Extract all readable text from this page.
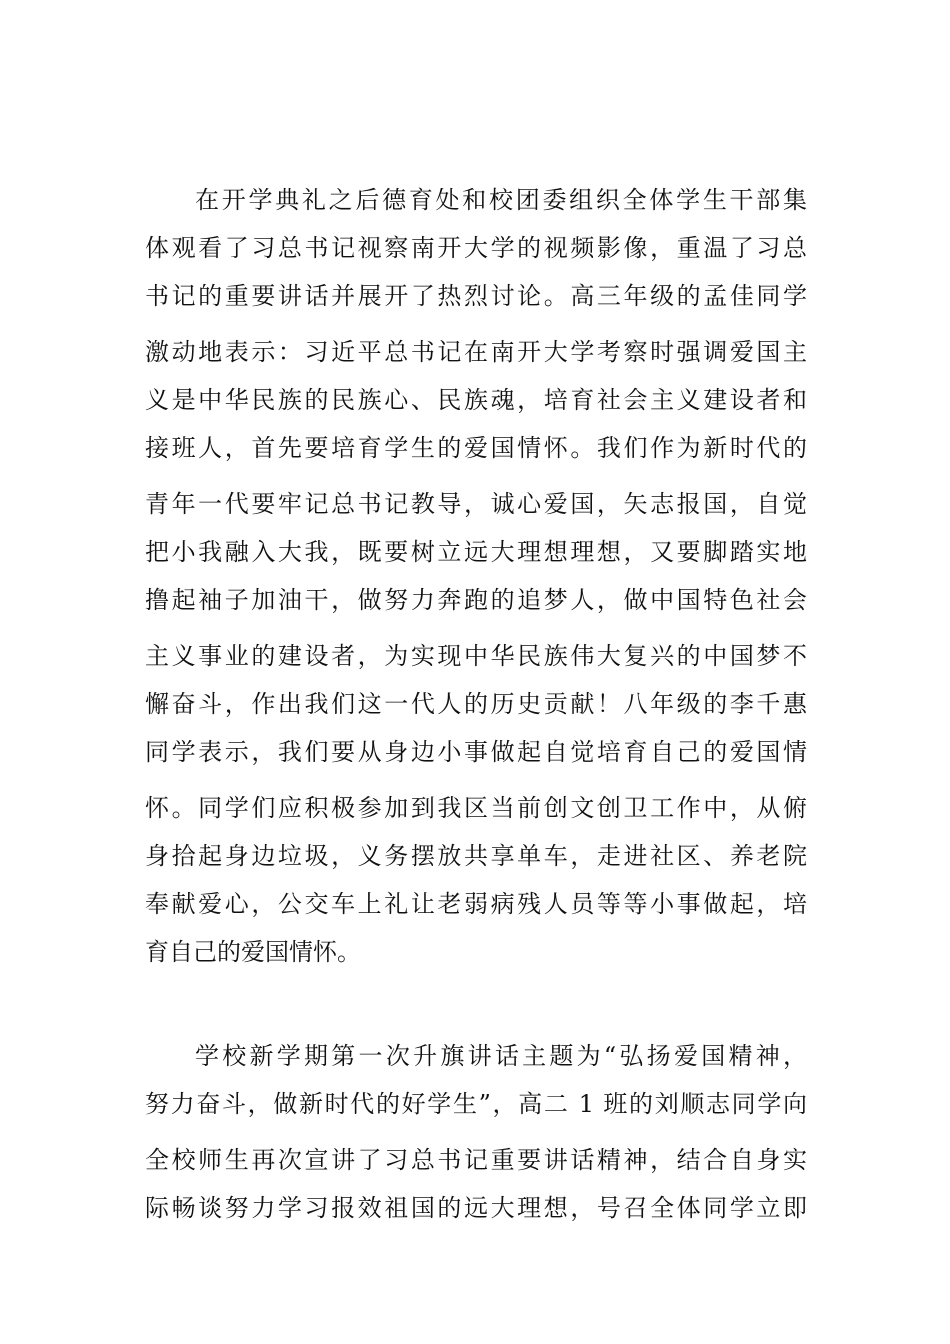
在开学典礼之后德育处和校团委组织全体学生干部集
体观看了习总书记视察南开大学的视频影像，重温了习总
书记的重要讲话并展开了热烈讨论。高三年级的孟佳同学
激动地表示：习近平总书记在南开大学考察时强调爱国主
义是中华民族的民族心、民族魂，培育社会主义建设者和
接班人，首先要培育学生的爱国情怀。我们作为新时代的
青年一代要牢记总书记教导，诚心爱国，矢志报国，自觉
把小我融入大我，既要树立远大理想理想，又要脚踏实地
撸起袖子加油干，做努力奔跑的追梦人，做中国特色社会
主义事业的建设者，为实现中华民族伟大复兴的中国梦不
懈奋斗，作出我们这一代人的历史贡献！八年级的李千惠
同学表示，我们要从身边小事做起自觉培育自己的爱国情
怀。同学们应积极参加到我区当前创文创卫工作中，从俯
身拾起身边垃圾，义务摆放共享单车，走进社区、养老院
奉献爱心，公交车上礼让老弱病残人员等等小事做起，培
育自己的爱国情怀。
学校新学期第一次升旗讲话主题为“弘扬爱国精神，
努力奋斗，做新时代的好学生”，高二 1 班的刘顺志同学向
全校师生再次宣讲了习总书记重要讲话精神，结合自身实
际畅谈努力学习报效祖国的远大理想，号召全体同学立即
